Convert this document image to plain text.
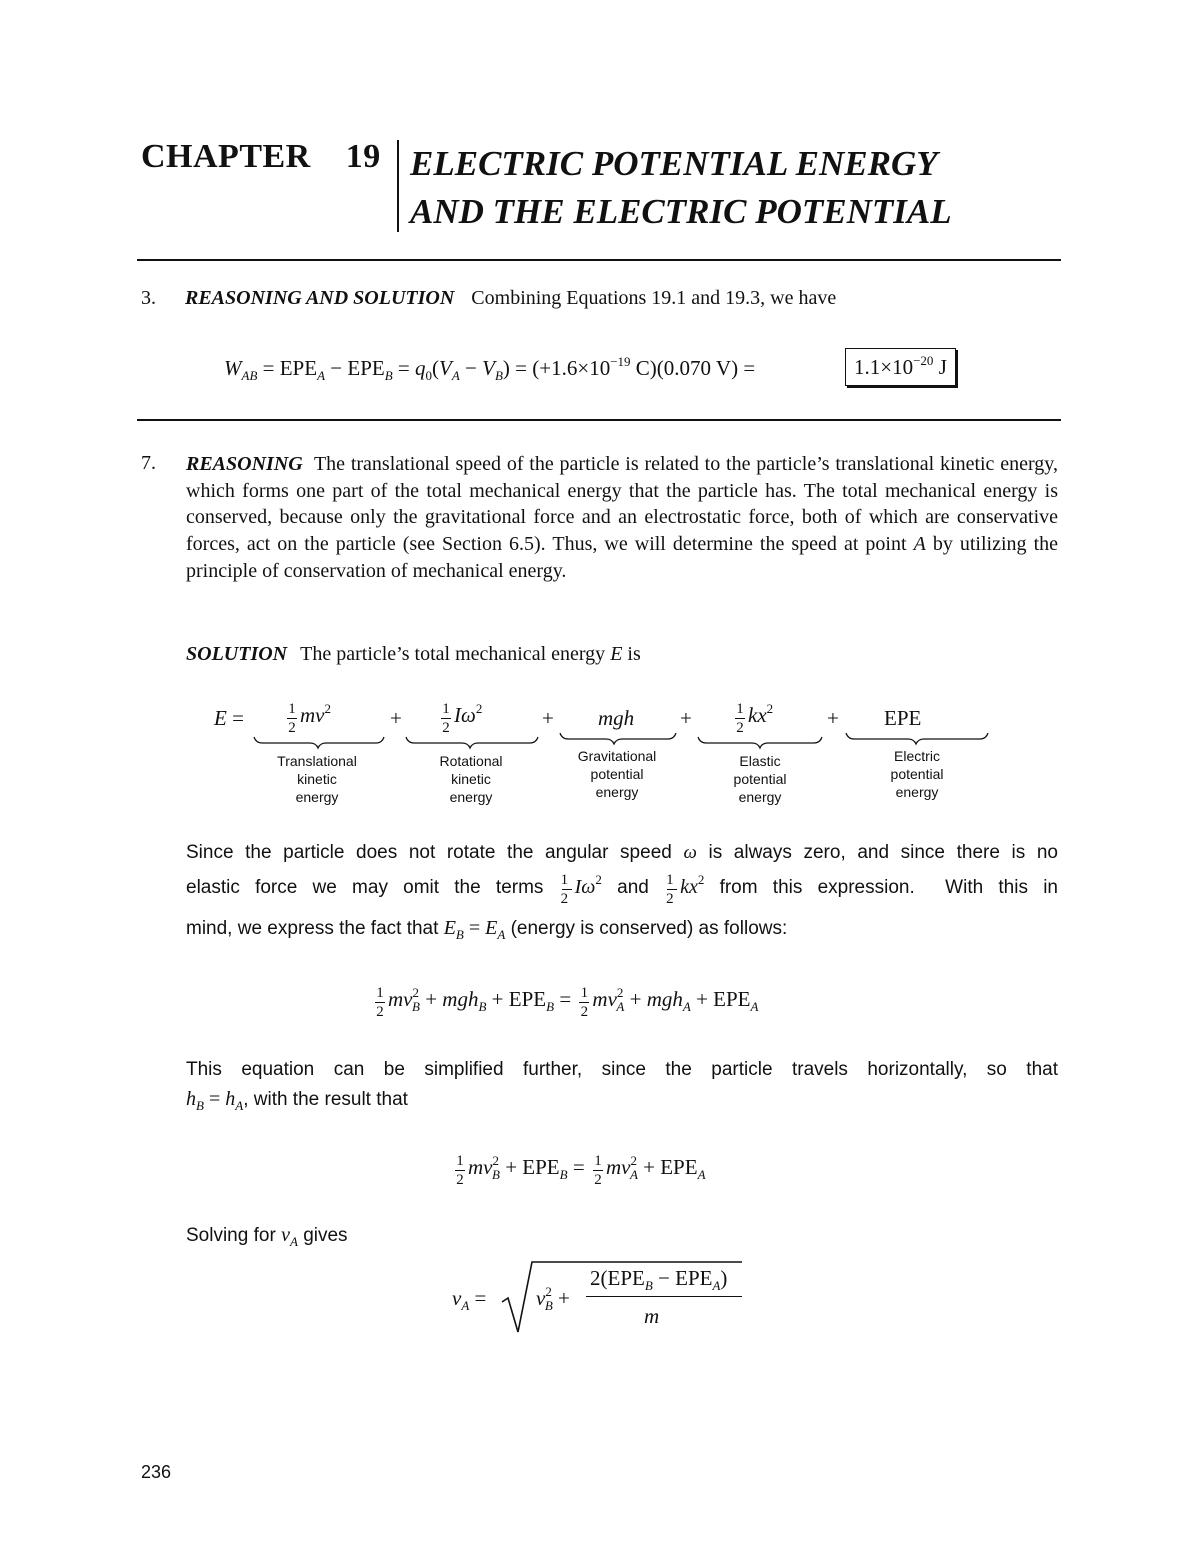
CHAPTER 19 ELECTRIC POTENTIAL ENERGY
AND THE ELECTRIC POTENTIAL
3. REASONING AND SOLUTION Combining Equations 19.1 and 19.3, we have
$W_{AB} = EPE_A - EPE_B = q_0(V_A - V_B) = (+1.6\times 10^{-19}$ C)(0.070 V) =	$1.1\times 10^{-20}$ J
7. REASONING  The translational speed of the particle is related to the particle’s translational kinetic energy, which forms one part of the total mechanical energy that the particle has. The total mechanical energy is conserved, because only the gravitational force and an electrostatic force, both of which are conservative forces, act on the particle (see Section 6.5). Thus, we will determine the speed at point A by utilizing the principle of conservation of mechanical energy.

SOLUTION The particle’s total mechanical energy E is
E =	$\frac{1}{2} mv^2$	+	$\frac{1}{2} I\omega^2$	+ mgh +	$\frac{1}{2} kx^2$	+ EPE
Translational
kinetic
energy
Rotational
kinetic
energy
Gravitational
potential
energy
Elastic
potential
energy
Electric
potential
energy
Since the particle does not rotate the angular speed ω is always zero, and since there is no
elastic force we may omit the terms $\frac{1}{2} I\omega^2$ and $\frac{1}{2} kx^2$ from this expression.  With this in
mind, we express the fact that $E_B = E_A$ (energy is conserved) as follows:
$\frac{1}{2} mv^2_B + mgh_B + EPE_B = \frac{1}{2} mv^2_A + mgh_A + EPE_A$
This equation can be simplified further, since the particle travels horizontally, so that
$h_B = h_A$, with the result that
$\frac{1}{2} mv^2_B + EPE_B = \frac{1}{2} mv^2_A + EPE_A$
Solving for $v_A$ gives
$v_A = v^2_B$ +
$2(EPE_B - EPE_A)$
m
236
